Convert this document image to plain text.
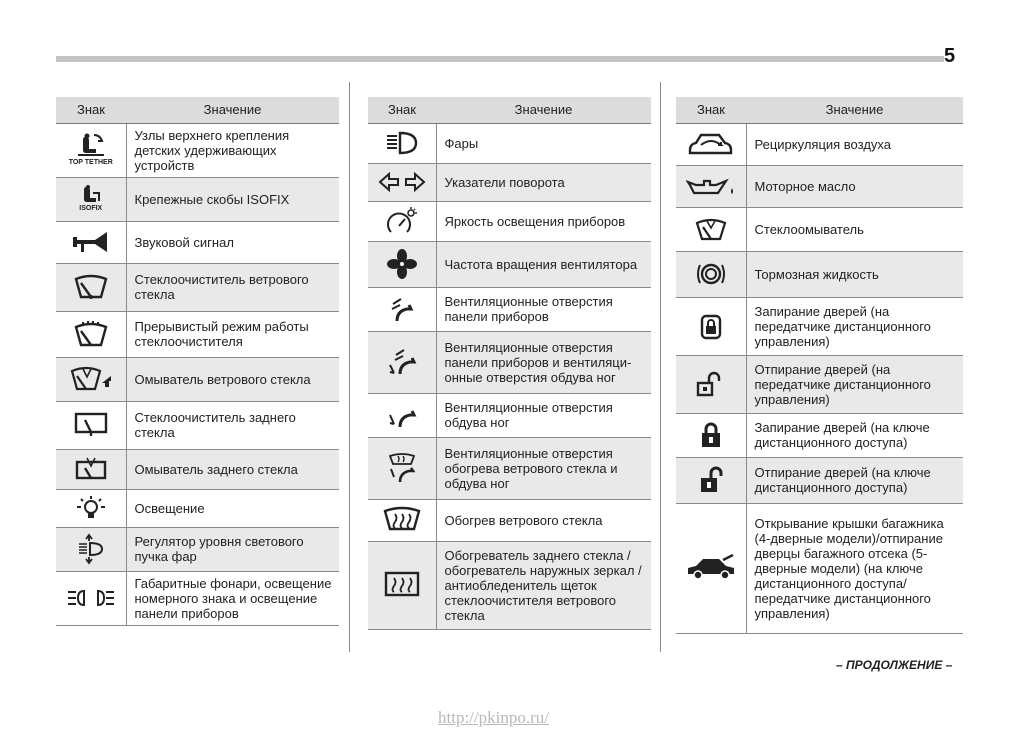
5
Знак	Значение

TOP TETHER	Узлы верхнего крепления детских удерживающих устройств

ISOFIX	Крепежные скобы ISOFIX
	Звуковой сигнал
	Стеклоочиститель ветрового стекла
	Прерывистый режим работы стеклоочистителя
	Омыватель ветрового стекла
	Стеклоочиститель заднего стекла
	Омыватель заднего стекла
	Освещение
	Регулятор уровня светового пучка фар
	Габаритные фонари, освещение номерного знака и освещение панели приборов
Знак	Значение
	Фары
	Указатели поворота
	Яркость освещения приборов
	Частота вращения вентилятора
	Вентиляционные отверстия панели приборов
	Вентиляционные отверстия панели приборов и вентиляци-онные отверстия обдува ног
	Вентиляционные отверстия обдува ног
	Вентиляционные отверстия обогрева ветрового стекла и обдува ног
	Обогрев ветрового стекла
	Обогреватель заднего стекла / обогреватель наружных зеркал / антиобледенитель щеток стеклоочистителя ветрового стекла
Знак	Значение
	Рециркуляция воздуха
	Моторное масло
	Стеклоомыватель
	Тормозная жидкость
	Запирание дверей (на передатчике дистанционного управления)
	Отпирание дверей (на передатчике дистанционного управления)
	Запирание дверей (на ключе дистанционного доступа)
	Отпирание дверей (на ключе дистанционного доступа)
	Открывание крышки багажника (4-дверные модели)/отпирание дверцы багажного отсека (5-дверные модели) (на ключе дистанционного доступа/ передатчике дистанционного управления)
– ПРОДОЛЖЕНИЕ –
http://pkinpo.ru/
